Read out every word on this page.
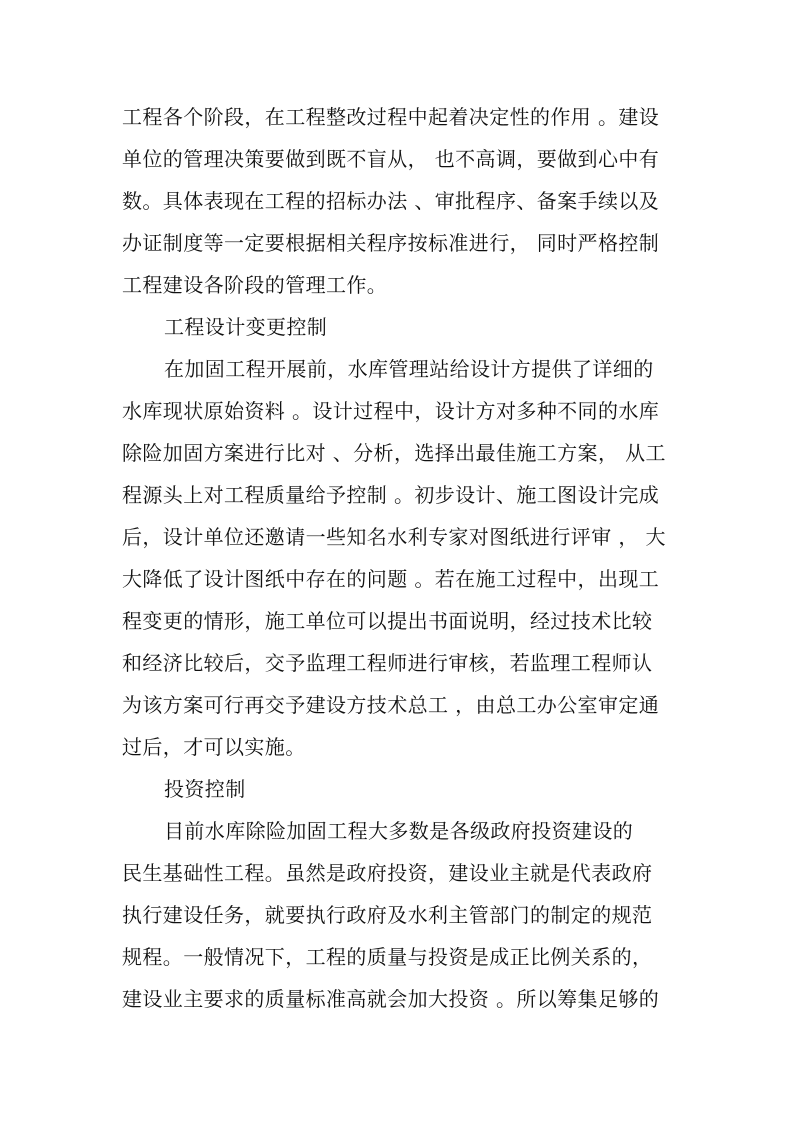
工程各个阶段，在工程整改过程中起着决定性的作用 。建设
单位的管理决策要做到既不盲从， 也不高调，要做到心中有
数。具体表现在工程的招标办法 、审批程序、备案手续以及
办证制度等一定要根据相关程序按标准进行， 同时严格控制
工程建设各阶段的管理工作。
工程设计变更控制
在加固工程开展前，水库管理站给设计方提供了详细的
水库现状原始资料 。设计过程中，设计方对多种不同的水库
除险加固方案进行比对 、分析，选择出最佳施工方案， 从工
程源头上对工程质量给予控制 。初步设计、施工图设计完成
后，设计单位还邀请一些知名水利专家对图纸进行评审 ， 大
大降低了设计图纸中存在的问题 。若在施工过程中，出现工
程变更的情形，施工单位可以提出书面说明，经过技术比较
和经济比较后，交予监理工程师进行审核，若监理工程师认
为该方案可行再交予建设方技术总工 ，由总工办公室审定通
过后，才可以实施。
投资控制
目前水库除险加固工程大多数是各级政府投资建设的
民生基础性工程。虽然是政府投资，建设业主就是代表政府
执行建设任务，就要执行政府及水利主管部门的制定的规范
规程。一般情况下，工程的质量与投资是成正比例关系的，
建设业主要求的质量标准高就会加大投资 。所以筹集足够的
